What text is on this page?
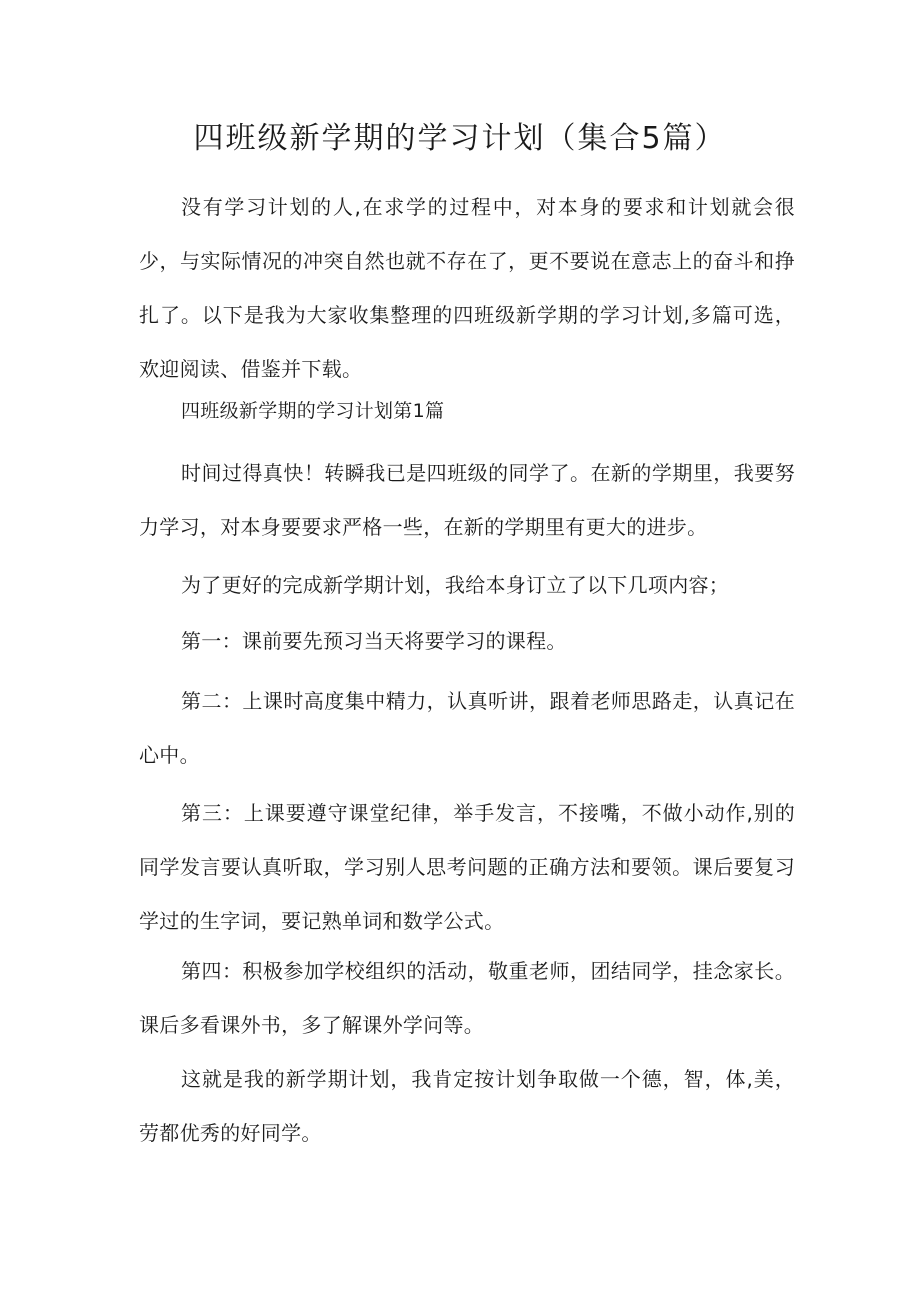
四班级新学期的学习计划（集合5篇）

没有学习计划的人,在求学的过程中，对本身的要求和计划就会很少，与实际情况的冲突自然也就不存在了，更不要说在意志上的奋斗和挣扎了。以下是我为大家收集整理的四班级新学期的学习计划,多篇可选，欢迎阅读、借鉴并下载。

四班级新学期的学习计划第1篇

时间过得真快！转瞬我已是四班级的同学了。在新的学期里，我要努力学习，对本身要要求严格一些，在新的学期里有更大的进步。

为了更好的完成新学期计划，我给本身订立了以下几项内容；

第一：课前要先预习当天将要学习的课程。

第二：上课时高度集中精力，认真听讲，跟着老师思路走，认真记在心中。

第三：上课要遵守课堂纪律，举手发言，不接嘴，不做小动作,别的同学发言要认真听取，学习别人思考问题的正确方法和要领。课后要复习学过的生字词，要记熟单词和数学公式。

第四：积极参加学校组织的活动，敬重老师，团结同学，挂念家长。课后多看课外书，多了解课外学问等。

这就是我的新学期计划，我肯定按计划争取做一个德，智，体,美，劳都优秀的好同学。
